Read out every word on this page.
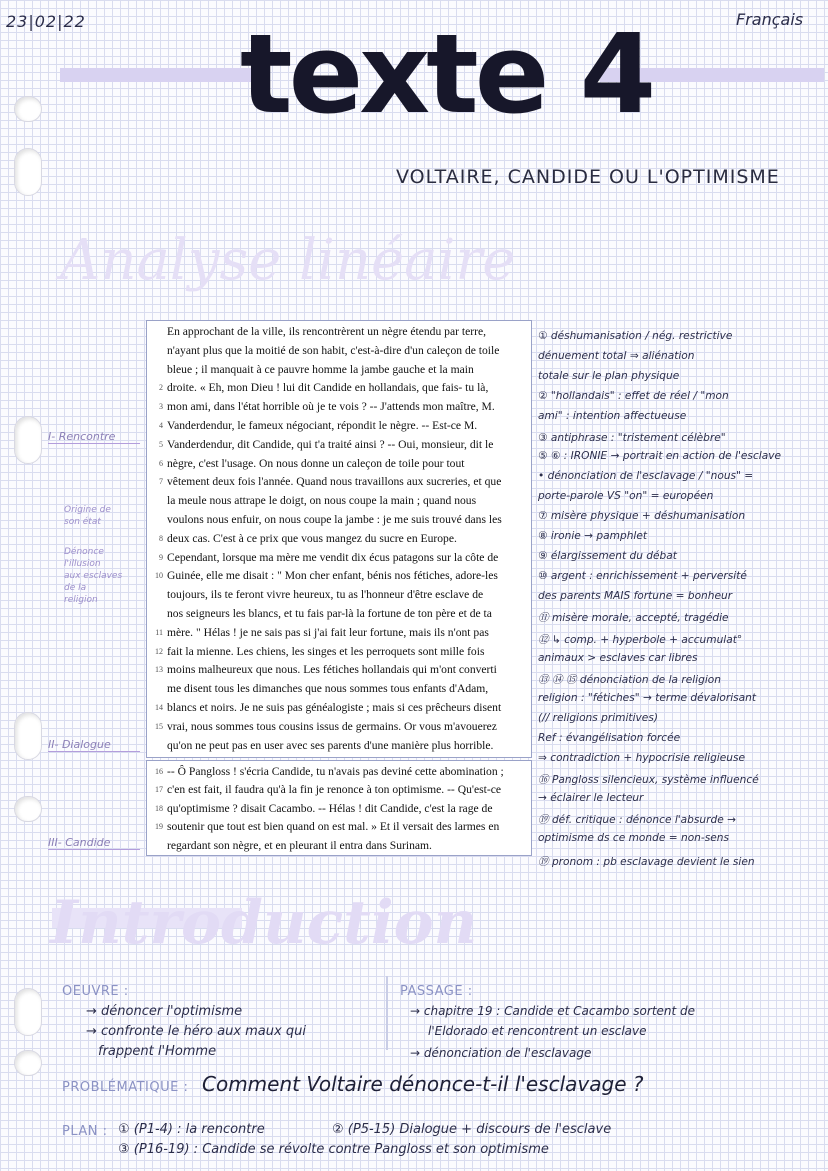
23|02|22	Français
texte 4
VOLTAIRE, CANDIDE OU L'OPTIMISME
Analyse linéaire
En approchant de la ville, ils rencontrèrent un nègre étendu par terre,
n'ayant plus que la moitié de son habit, c'est-à-dire d'un caleçon de toile
bleue ; il manquait à ce pauvre homme la jambe gauche et la main
2 droite. « Eh, mon Dieu ! lui dit Candide en hollandais, que fais- tu là,
3 mon ami, dans l'état horrible où je te vois ? -- J'attends mon maître, M.
4 Vanderdendur, le fameux négociant, répondit le nègre. -- Est-ce M.
5 Vanderdendur, dit Candide, qui t'a traité ainsi ? -- Oui, monsieur, dit le
6 nègre, c'est l'usage. On nous donne un caleçon de toile pour tout
7 vêtement deux fois l'année. Quand nous travaillons aux sucreries, et que
la meule nous attrape le doigt, on nous coupe la main ; quand nous
voulons nous enfuir, on nous coupe la jambe : je me suis trouvé dans les
8 deux cas. C'est à ce prix que vous mangez du sucre en Europe.
9 Cependant, lorsque ma mère me vendit dix écus patagons sur la côte de
10 Guinée, elle me disait : " Mon cher enfant, bénis nos fétiches, adore-les
toujours, ils te feront vivre heureux, tu as l'honneur d'être esclave de
nos seigneurs les blancs, et tu fais par-là la fortune de ton père et de ta
11 mère. " Hélas ! je ne sais pas si j'ai fait leur fortune, mais ils n'ont pas
12 fait la mienne. Les chiens, les singes et les perroquets sont mille fois
13 moins malheureux que nous. Les fétiches hollandais qui m'ont converti
me disent tous les dimanches que nous sommes tous enfants d'Adam,
14 blancs et noirs. Je ne suis pas généalogiste ; mais si ces prêcheurs disent
15 vrai, nous sommes tous cousins issus de germains. Or vous m'avouerez
qu'on ne peut pas en user avec ses parents d'une manière plus horrible.
16 -- Ô Pangloss ! s'écria Candide, tu n'avais pas deviné cette abomination ;
17 c'en est fait, il faudra qu'à la fin je renonce à ton optimisme. -- Qu'est-ce
18 qu'optimisme ? disait Cacambo. -- Hélas ! dit Candide, c'est la rage de
19 soutenir que tout est bien quand on est mal. » Et il versait des larmes en
regardant son nègre, et en pleurant il entra dans Surinam.
I- Rencontre
II- Dialogue
III- Candide
Origine de
son état
Dénonce
l'illusion
aux esclaves
de la
religion
① déshumanisation / nég. restrictive
dénuement total ⇒ aliénation
totale sur le plan physique
② "hollandais" : effet de réel / "mon
ami" : intention affectueuse
③ antiphrase : "tristement célèbre"
⑤ ⑥ : IRONIE → portrait en action de l'esclave
• dénonciation de l'esclavage / "nous" =
porte-parole VS "on" = européen
⑦ misère physique + déshumanisation
⑧ ironie → pamphlet
⑨ élargissement du débat
⑩ argent : enrichissement + perversité
des parents MAIS fortune = bonheur
⑪ misère morale, accepté, tragédie
⑫ ↳ comp. + hyperbole + accumulat°
animaux > esclaves car libres
⑬ ⑭ ⑮ dénonciation de la religion
religion : "fétiches" → terme dévalorisant
(// religions primitives)
Ref : évangélisation forcée
⇒ contradiction + hypocrisie religieuse
⑯ Pangloss silencieux, système influencé
→ éclairer le lecteur
⑲ déf. critique : dénonce l'absurde →
optimisme ds ce monde = non-sens
⑲ pronom : pb esclavage devient le sien
Introduction
OEUVRE :
→ dénoncer l'optimisme
→ confronte le héro aux maux qui
frappent l'Homme
PASSAGE :
→ chapitre 19 : Candide et Cacambo sortent de
l'Eldorado et rencontrent un esclave
→ dénonciation de l'esclavage
PROBLÉMATIQUE : Comment Voltaire dénonce-t-il l'esclavage ?
PLAN : ① (P1-4) : la rencontre	② (P5-15) Dialogue + discours de l'esclave
③ (P16-19) : Candide se révolte contre Pangloss et son optimisme
